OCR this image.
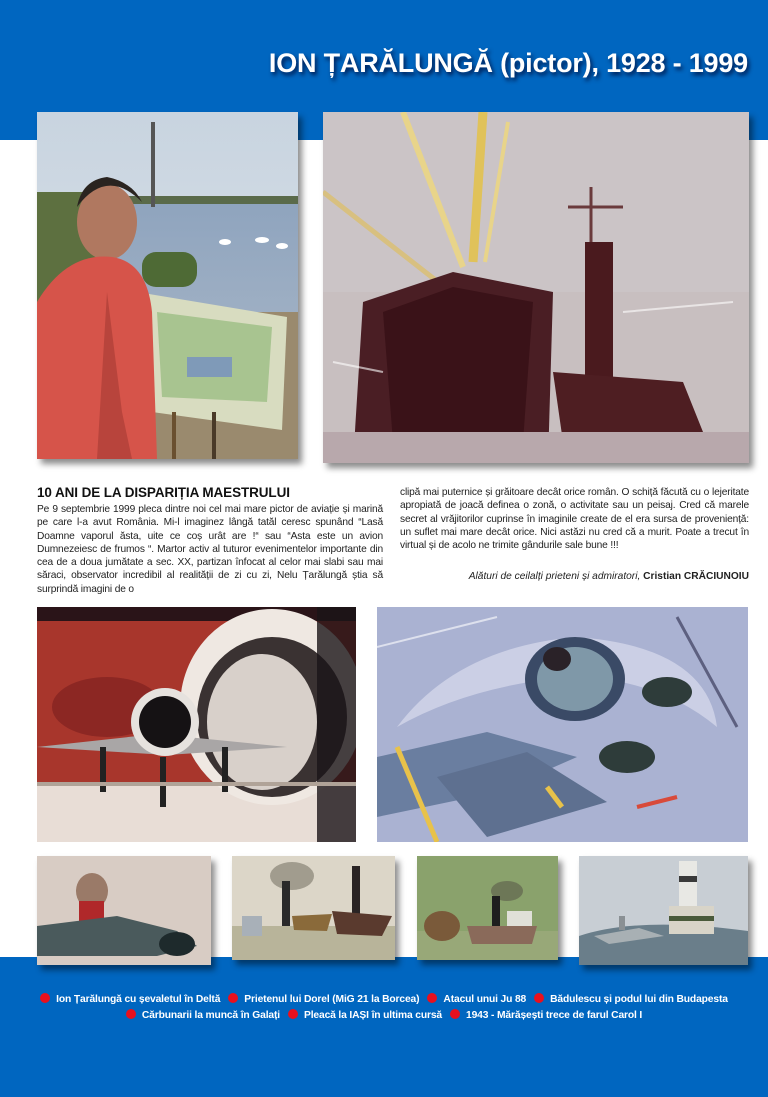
ION ȚARĂLUNGĂ (pictor), 1928 - 1999
10 ANI DE LA DISPARIȚIA MAESTRULUI

Pe 9 septembrie 1999 pleca dintre noi cel mai mare pictor de aviație și marină pe care l-a avut România. Mi-l imaginez lângă tatăl ceresc spunând “Lasă Doamne vaporul ăsta, uite ce coș urât are !“ sau “Asta este un avion Dumnezeiesc de frumos “. Martor activ al tuturor evenimentelor importante din cea de a doua jumătate a sec. XX, partizan înfocat al celor mai slabi sau mai săraci, observator incredibil al realității de zi cu zi, Nelu Țarălungă știa să surprindă imagini de o

clipă mai puternice și grăitoare decât orice român. O schiță făcută cu o lejeritate apropiată de joacă definea o zonă, o activitate sau un peisaj. Cred că marele secret al vrăjitorilor cuprinse în imaginile create de el era sursa de proveniență: un suflet mai mare decât orice. Nici astăzi nu cred că a murit. Poate a trecut în virtual și de acolo ne trimite gândurile sale bune !!!

Alături de ceilalți prieteni și admiratori, Cristian CRĂCIUNOIU

Ion Țarălungă cu șevaletul în Deltă Prietenul lui Dorel (MiG 21 la Borcea) Atacul unui Ju 88 Bădulescu și podul lui din Budapesta
Cărbunarii la muncă în Galați Pleacă la IAȘI în ultima cursă 1943 - Mărășești trece de farul Carol I
